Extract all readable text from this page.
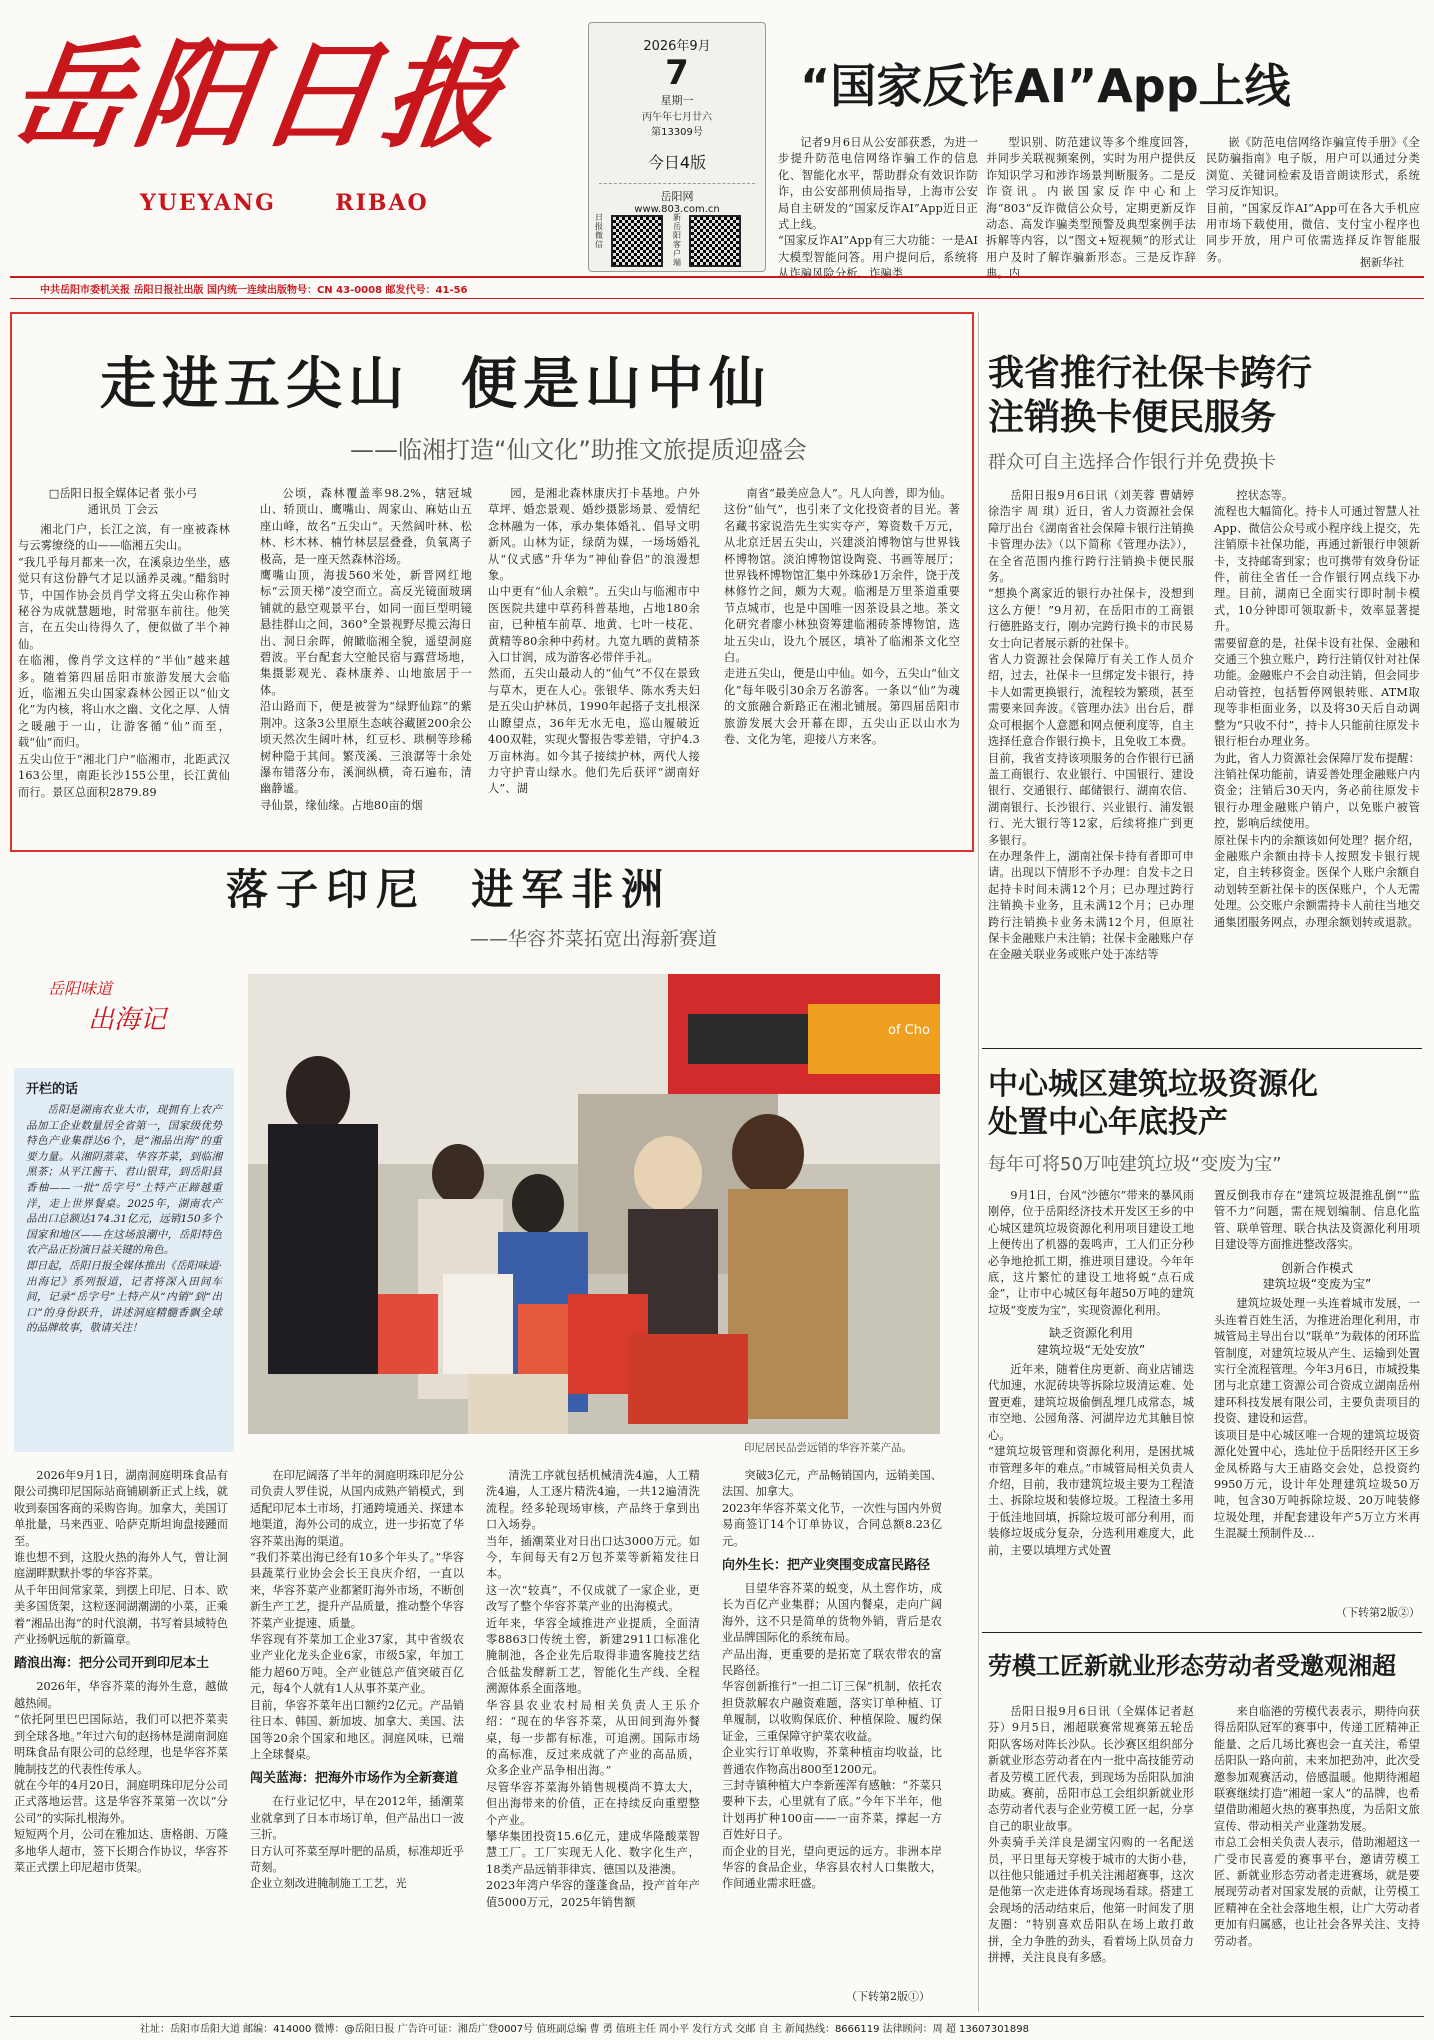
岳阳日报
YUEYANG	RIBAO
2026年9月
7
星期一
丙午年七月廿六
第13309号
今日4版
岳阳网
www.803.com.cn
日报微信
新岳阳客户端
“国家反诈AI”App上线
记者9月6日从公安部获悉，为进一步提升防范电信网络诈骗工作的信息化、智能化水平，帮助群众有效识诈防诈，由公安部刑侦局指导，上海市公安局自主研发的“国家反诈AI”App近日正式上线。
“国家反诈AI”App有三大功能：一是AI大模型智能问答。用户提问后，系统将从诈骗风险分析、诈骗类
型识别、防范建议等多个维度回答，并同步关联视频案例，实时为用户提供反诈知识学习和涉诈场景判断服务。二是反诈资讯。内嵌国家反诈中心和上海“803”反诈微信公众号，定期更新反诈动态、高发诈骗类型预警及典型案例手法拆解等内容，以“图文+短视频”的形式让用户及时了解诈骗新形态。三是反诈辞典。内
嵌《防范电信网络诈骗宣传手册》《全民防骗指南》电子版，用户可以通过分类浏览、关键词检索及语音朗读形式，系统学习反诈知识。
目前，“国家反诈AI”App可在各大手机应用市场下载使用，微信、支付宝小程序也同步开放，用户可依需选择反诈智能服务。	据新华社
中共岳阳市委机关报 岳阳日报社出版 国内统一连续出版物号：CN 43-0008 邮发代号：41-56
走进五尖山  便是山中仙
——临湘打造“仙文化”助推文旅提质迎盛会
□岳阳日报全媒体记者 张小弓
通讯员 丁会云
湘北门户，长江之滨，有一座被森林与云雾缭绕的山——临湘五尖山。
“我几乎每月都来一次，在溪泉边坐坐，感觉只有这份静气才足以涵养灵魂。”醋翁时节，中国作协会员肖学文将五尖山称作神秘谷为成就慧题地，时常驱车前往。他笑言，在五尖山待得久了，便似做了半个神仙。
在临湘，像肖学文这样的“半仙”越来越多。随着第四届岳阳市旅游发展大会临近，临湘五尖山国家森林公园正以“仙文化”为内核，将山水之幽、文化之厚、人情之暖融于一山，让游客循“仙”而至，载“仙”而归。
五尖山位于“湘北门户”临湘市，北距武汉163公里，南距长沙155公里，长江黄仙而行。景区总面积2879.89
公顷，森林覆盖率98.2%，辖冠城山、轿顶山、鹰嘴山、周家山、麻姑山五座山峰，故名“五尖山”。天然阔叶林、松林、杉木林、楠竹林层层叠叠，负氧离子极高，是一座天然森林浴场。
鹰嘴山顶，海拔560米处，新晋网红地标“云顶天梯”凌空而立。高反光镜面玻璃铺就的悬空观景平台，如同一面巨型明镜悬挂群山之间，360°全景视野尽揽云海日出、洞日余晖，俯瞰临湘全貌，遥望洞庭碧波。平台配套大空舱民宿与露营场地，集摄影观光、森林康养、山地旅居于一体。
沿山路而下，便是被誉为“绿野仙踪”的紫荆冲。这条3公里原生态峡谷藏匿200余公顷天然次生阔叶林，红豆杉、珙桐等珍稀树种隐于其间。繁茂溪、三浪潺等十余处瀑布错落分布，溪涧纵横，奇石遍布，清幽静谧。
寻仙景，缘仙缘。占地80亩的烟
园，是湘北森林康庆打卡基地。户外草坪、婚恋景观、婚纱摄影场景、爱情纪念林融为一体，承办集体婚礼、倡导文明新风。山林为证，绿荫为媒，一场场婚礼从“仪式感”升华为“神仙眷侣”的浪漫想象。
山中更有“仙人余粮”。五尖山与临湘市中医医院共建中草药科普基地，占地180余亩，已种植车前草、地黄、七叶一枝花、黄精等80余种中药材。九宽九晒的黄精茶入口甘润，成为游客必带伴手礼。
然而，五尖山最动人的“仙气”不仅在景致与草木，更在人心。张银华、陈水秀夫妇是五尖山护林员，1990年起搭子支扎根深山瞭望点，36年无水无电，巡山履破近400双鞋，实现火警报告零差错，守护4.3万亩林海。如今其子接续护林，两代人接力守护青山绿水。他们先后获评“湖南好人”、湖
南省“最美应急人”。凡人向善，即为仙。
这份“仙气”，也引来了文化投资者的目光。著名藏书家说浩先生实实夺产，筹资数千万元，从北京迁居五尖山，兴建淡泊博物馆与世界钱杯博物馆。淡泊博物馆设陶瓷、书画等展厅；世界钱杯博物馆汇集中外珠砂1万余件，饶于茂林修竹之间，颇为大观。临湘是万里茶道重要节点城市，也是中国唯一因茶设县之地。茶文化研究者廖小林独资筹建临湘砖茶博物馆，选址五尖山，设九个展区，填补了临湘茶文化空白。
走进五尖山，便是山中仙。如今，五尖山“仙文化”每年吸引30余万名游客。一条以“仙”为魂的文旅融合新路正在湘北铺展。第四届岳阳市旅游发展大会开幕在即，五尖山正以山水为卷、文化为笔，迎接八方来客。
我省推行社保卡跨行
注销换卡便民服务
群众可自主选择合作银行并免费换卡
岳阳日报9月6日讯（刘芙蓉 曹婧婷 徐浩宇 周 琪）近日，省人力资源社会保障厅出台《湖南省社会保障卡银行注销换卡管理办法》（以下简称《管理办法》），在全省范围内推行跨行注销换卡便民服务。
“想换个离家近的银行办社保卡，没想到这么方便！”9月初，在岳阳市的工商银行德胜路支行，刚办完跨行换卡的市民易女士向记者展示新的社保卡。
省人力资源社会保障厅有关工作人员介绍，过去，社保卡一旦绑定发卡银行，持卡人如需更换银行，流程较为繁琐，甚至需要来回奔波。《管理办法》出台后，群众可根据个人意愿和网点便利度等，自主选择任意合作银行换卡，且免收工本费。
目前，我省支持该项服务的合作银行已涵盖工商银行、农业银行、中国银行、建设银行、交通银行、邮储银行、湖南农信、湖南银行、长沙银行、兴业银行、浦发银行、光大银行等12家，后续将推广到更多银行。
在办理条件上，湖南社保卡持有者即可申请。出现以下情形不予办理：自发卡之日起持卡时间未满12个月；已办理过跨行注销换卡业务，且未满12个月；已办理跨行注销换卡业务未满12个月，但原社保卡金融账户未注销；社保卡金融账户存在金融关联业务或账户处于冻结等
控状态等。
流程也大幅简化。持卡人可通过智慧人社App、微信公众号或小程序线上提交，先注销原卡社保功能，再通过新银行申领新卡，支持邮寄到家；也可携带有效身份证件，前往全省任一合作银行网点线下办理。目前，湖南已全面实行即时制卡模式，10分钟即可领取新卡，效率显著提升。
需要留意的是，社保卡设有社保、金融和交通三个独立账户，跨行注销仅针对社保功能。金融账户不会自动注销，但会同步启动管控，包括暂停网银转账、ATM取现等非柜面业务，以及将30天后自动调整为“只收不付”，持卡人只能前往原发卡银行柜台办理业务。
为此，省人力资源社会保障厅发布提醒：注销社保功能前，请妥善处理金融账户内资金；注销后30天内，务必前往原发卡银行办理金融账户销户，以免账户被管控，影响后续使用。
原社保卡内的余额该如何处理？据介绍，金融账户余额由持卡人按照发卡银行规定，自主转移资金。医保个人账户余额自动划转至新社保卡的医保账户，个人无需处理。公交账户余额需持卡人前往当地交通集团服务网点，办理余额划转或退款。
中心城区建筑垃圾资源化
处置中心年底投产
每年可将50万吨建筑垃圾“变废为宝”

9月1日，台风“沙德尔”带来的暴风雨刚停，位于岳阳经济技术开发区王乡的中心城区建筑垃圾资源化利用项目建设工地上便传出了机器的轰鸣声，工人们正分秒必争地抢抓工期，推进项目建设。今年年底，这片繁忙的建设工地将蜕“点石成金”，让市中心城区每年超50万吨的建筑垃圾“变废为宝”，实现资源化利用。

缺乏资源化利用
建筑垃圾“无处安放”

近年来，随着住房更新、商业店铺迭代加速，水泥砖块等拆除垃圾清运难、处置更难，建筑垃圾偷倒乱埋几成常态，城市空地、公园角落、河湖岸边尤其触目惊心。
“建筑垃圾管理和资源化利用，是困扰城市管理多年的难点。”市城管局相关负责人介绍，目前，我市建筑垃圾主要为工程渣土、拆除垃圾和装修垃圾。工程渣土多用于低洼地回填，拆除垃圾可部分利用，而装修垃圾成分复杂，分选利用难度大，此前，主要以填埋方式处置

置反倒我市存在“建筑垃圾混推乱倒”“监管不力”问题，需在规划编制、信息化监管、联单管理、联合执法及资源化利用项目建设等方面推进整改落实。

创新合作模式
建筑垃圾“变废为宝”

建筑垃圾处理一头连着城市发展，一头连着百姓生活，为推进治理化利用，市城管局主导出台以“联单”为载体的闭环监管制度，对建筑垃圾从产生、运输到处置实行全流程管理。今年3月6日，市城投集团与北京建工资源公司合资成立湖南岳州建环科技发展有限公司，主要负责项目的投资、建设和运营。
该项目是中心城区唯一合规的建筑垃圾资源化处置中心，选址位于岳阳经开区王乡金凤桥路与大王庙路交会处，总投资约9950万元，设计年处理建筑垃圾50万吨，包含30万吨拆除垃圾、20万吨装修垃圾处理，并配套建设年产5万立方米再生混凝土预制件及…

（下转第2版②）
劳模工匠新就业形态劳动者受邀观湘超
岳阳日报9月6日讯（全媒体记者赵 芬）9月5日，湘超联赛常规赛第五轮岳阳队客场对阵长沙队。长沙赛区组织部分新就业形态劳动者在内一批中高技能劳动者及劳模工匠代表，到现场为岳阳队加油助威。赛前，岳阳市总工会组织新就业形态劳动者代表与企业劳模工匠一起，分享自己的职业故事。
外卖骑手关洋良是湖宝闪购的一名配送员，平日里每天穿梭于城市的大街小巷，以往他只能通过手机关注湘超赛事，这次是他第一次走进体育场现场看球。搭建工会现场的活动结束后，他第一时间发了朋友圈：“特别喜欢岳阳队在场上敢打敢拼，全力争胜的劲头，看着场上队员奋力拼搏，关注良良有多感。
来自临港的劳模代表表示，期待向获得岳阳队冠军的赛事中，传递工匠精神正能量、之后几场比赛也会一直关注，希望岳阳队一路向前，未来加把劲冲，此次受邀参加观赛活动，倍感温暖。他期待湘超联赛继续打造“湘超一家人”的品牌，也希望借助湘超火热的赛事热度，为岳阳文旅宣传、带动相关产业蓬勃发展。
市总工会相关负责人表示，借助湘超这一广受市民喜爱的赛事平台，邀请劳模工匠、新就业形态劳动者走进赛场，就是要展现劳动者对国家发展的贡献，让劳模工匠精神在全社会落地生根，让广大劳动者更加有归属感，也让社会各界关注、支持劳动者。
落子印尼  进军非洲
——华容芥菜拓宽出海新赛道
岳阳味道
出海记
开栏的话
岳阳是湖南农业大市，现拥有上农产品加工企业数量居全省第一，国家级优势特色产业集群达6个，是“湘品出海”的重要力量。从湘阴蒸菜、华容芥菜，到临湘黑茶；从平江酱干、君山银茸，到岳阳县香柚——一批“岳字号”土特产正蹄越重洋，走上世界餐桌。2025年，湖南农产品出口总额达174.31亿元，远销150多个国家和地区——在这场浪潮中，岳阳特色农产品正扮演日益关键的角色。
即日起，岳阳日报全媒体推出《岳阳味道·出海记》系列报道，记者将深入田间车间，记录“岳字号”土特产从“内销”到“出口”的身份跃升，讲述洞庭精髓香飘全球的品牌故事，敬请关注！
of Cho
印尼居民品尝远销的华容芥菜产品。

2026年9月1日，湖南洞庭明珠食品有限公司携印尼国际站商铺刷新正式上线，就收到泰国客商的采购咨询。加拿大，美国订单批量，马来西亚、哈萨克斯坦询盘接踵而至。
谁也想不到，这股火热的海外人气，曾让洞庭湖畔默默扑零的华容芥菜。
从千年田间常家菜，到摆上印尼、日本、欧美多国货架，这粒逐洞湖潮湖的小菜，正乘着“湘品出海”的时代浪潮，书写着县域特色产业扬帆远航的新篇章。

踏浪出海：把分公司开到印尼本土

2026年，华容芥菜的海外生意，越做越热闹。
“依托阿里巴巴国际站，我们可以把芥菜卖到全球各地。”年过六旬的赵扬林是湖南洞庭明珠食品有限公司的总经理，也是华容芥菜腌制技艺的代表性传承人。
就在今年的4月20日，洞庭明珠印尼分公司正式落地运营。这是华容芥菜第一次以“分公司”的实际扎根海外。
短短两个月，公司在雅加达、唐格朗、万隆多地华人超市，签下长期合作协议，华容芥菜正式摆上印尼超市货架。

在印尼阔落了半年的洞庭明珠印尼分公司负责人罗佳说，从国内成熟产销模式，到适配印尼本土市场，打通跨境通关、探建本地渠道，海外公司的成立，进一步拓宽了华容芥菜出海的渠道。
“我们芥菜出海已经有10多个年头了。”华容县蔬菜行业协会会长王良庆介绍，一直以来，华容芥菜产业都紧盯海外市场，不断创新生产工艺，提升产品质量，推动整个华容芥菜产业提速、质量。
华容现有芥菜加工企业37家，其中省级农业产业化龙头企业6家，市级5家，年加工能力超60万吨。全产业链总产值突破百亿元，每4个人就有1人从事芥菜产业。
目前，华容芥菜年出口额约2亿元。产品销往日本、韩国、新加坡、加拿大、美国、法国等20余个国家和地区。洞庭风味，已端上全球餐桌。

闯关蓝海：把海外市场作为全新赛道

在行业记忆中，早在2012年，插潮菜业就拿到了日本市场订单，但产品出口一波三折。
日方认可芥菜至厚叶肥的品质，标准却近乎苛刻。
企业立刻改进腌制施工工艺，光

清洗工序就包括机械清洗4遍，人工精洗4遍，人工逐片精洗4遍，一共12遍清洗流程。经多轮现场审核，产品终于拿到出口入场券。
当年，插潮菜业对日出口达3000万元。如今，车间每天有2万包芥菜等新箱发往日本。
这一次“较真”，不仅成就了一家企业，更改写了整个华容芥菜产业的出海模式。
近年来，华容全域推进产业提质，全面清零8863口传统土窖，新建2911口标准化腌制池，各企业先后取得非遗客腌技艺结合低盐发酵新工艺，智能化生产线、全程溯源体系全面落地。
华容县农业农村局相关负责人王乐介绍：“现在的华容芥菜，从田间到海外餐桌，每一步都有标准，可追溯。国际市场的高标准，反过来成就了产业的高品质，众多企业产品争相出海。”
尽管华容芥菜海外销售规模尚不算太大，但出海带来的价值，正在持续反向重塑整个产业。
攀华集团投资15.6亿元，建成华隆酸菜智慧工厂。工厂实现无人化、数字化生产，18类产品远销菲律宾、德国以及港澳。
2023年湾户华容的蓬蓬食品，投产首年产值5000万元，2025年销售额

突破3亿元，产品畅销国内，远销美国、法国、加拿大。
2023年华容芥菜文化节，一次性与国内外贸易商签订14个订单协议，合同总额8.23亿元。

向外生长：把产业突围变成富民路径

目望华容芥菜的蜕变，从土窖作坊，成长为百亿产业集群；从国内餐桌，走向广阔海外，这不只是简单的货物外销，背后是农业品牌国际化的系统布局。
产品出海，更重要的是拓宽了联农带农的富民路径。
华容创新推行“一担二订三保”机制，依托农担贷款解农户融资难题，落实订单种植、订单履制，以收购保底价、种植保险、履约保证金，三重保障守护菜农收益。
企业实行订单收购，芥菜种植亩均收益，比普通农作物高出800至1200元。
三封寺镇种植大户李新莲浑有感触：“芥菜只要种下去，心里就有了底。”今年下半年，他计划再扩种100亩——一亩芥菜，撑起一方百姓好日子。
而企业的目光，望向更远的远方。非洲本岸华容的食品企业，华容县农村人口集散大，作间通业需求旺盛。

（下转第2版①）
社址：岳阳市岳阳大道 邮编：414000 微博：@岳阳日报 广告许可证：湘岳广登0007号 值班副总编 曹 勇 值班主任 周小平 发行方式 交邮 自 主 新闻热线：8666119 法律顾问：周 超 13607301898
